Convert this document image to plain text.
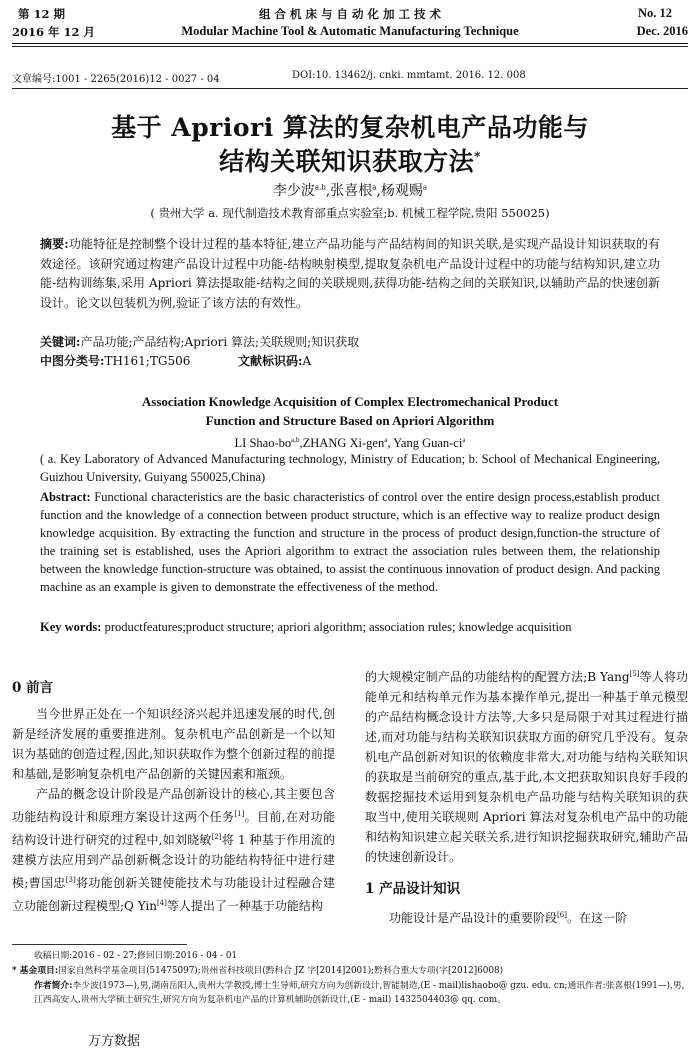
第 12 期
2016 年 12 月
组 合 机 床 与 自 动 化 加 工 技 术
Modular Machine Tool & Automatic Manufacturing Technique
No. 12
Dec. 2016
文章编号:1001 - 2265(2016)12 - 0027 - 04	DOI:10. 13462/j. cnki. mmtamt. 2016. 12. 008
基于 Apriori 算法的复杂机电产品功能与
结构关联知识获取方法*
李少波$^{a,b}$,张喜根$^a$,杨观赐$^a$
( 贵州大学 a. 现代制造技术教育部重点实验室;b. 机械工程学院,贵阳 550025)
摘要:功能特征是控制整个设计过程的基本特征,建立产品功能与产品结构间的知识关联,是实现产品设计知识获取的有效途径。该研究通过构建产品设计过程中功能-结构映射模型,提取复杂机电产品设计过程中的功能与结构知识,建立功能-结构训练集,采用 Apriori 算法提取能-结构之间的关联规则,获得功能-结构之间的关联知识,以辅助产品的快速创新设计。论文以包装机为例,验证了该方法的有效性。
关键词:产品功能;产品结构;Apriori 算法;关联规则;知识获取
中图分类号:TH161;TG506	文献标识码:A
Association Knowledge Acquisition of Complex Electromechanical Product
Function and Structure Based on Apriori Algorithm
LI Shao-bo$^{a,b}$,ZHANG Xi-gen$^a$, Yang Guan-$ci^a$
( a. Key Laboratory of Advanced Manufacturing technology, Ministry of Education; b. School of Mechanical Engineering, Guizhou University, Guiyang 550025,China)
Abstract: Functional characteristics are the basic characteristics of control over the entire design process,establish product function and the knowledge of a connection between product structure, which is an effective way to realize product design knowledge acquisition. By extracting the function and structure in the process of product design,function-the structure of the training set is established, uses the Apriori algorithm to extract the association rules between them, the relationship between the knowledge function-structure was obtained, to assist the continuous innovation of product design. And packing machine as an example is given to demonstrate the effectiveness of the method.
Key words: productfeatures;product structure; apriori algorithm; association rules; knowledge acquisition

0 前言

当今世界正处在一个知识经济兴起并迅速发展的时代,创新是经济发展的重要推进剂。复杂机电产品创新是一个以知识为基础的创造过程,因此,知识获取作为整个创新过程的前提和基础,是影响复杂机电产品创新的关键因素和瓶颈。

产品的概念设计阶段是产品创新设计的核心,其主要包含功能结构设计和原理方案设计这两个任务[1]。目前,在对功能结构设计进行研究的过程中,如刘晓敏[2]将 1 种基于作用流的建模方法应用到产品创新概念设计的功能结构特征中进行建模;曹国忠[3]将功能创新关键使能技术与功能设计过程融合建立功能创新过程模型;Q Yin[4]等人提出了一种基于功能结构

的大规模定制产品的功能结构的配置方法;B Yang[5]等人将功能单元和结构单元作为基本操作单元,提出一种基于单元模型的产品结构概念设计方法等,大多只是局限于对其过程进行描述,而对功能与结构关联知识获取方面的研究几乎没有。复杂机电产品创新对知识的依赖度非常大,对功能与结构关联知识的获取是当前研究的重点,基于此,本文把获取知识良好手段的数据挖掘技术运用到复杂机电产品功能与结构关联知识的获取当中,使用关联规则 Apriori 算法对复杂机电产品中的功能和结构知识建立起关联关系,进行知识挖掘获取研究,辅助产品的快速创新设计。

1 产品设计知识

功能设计是产品设计的重要阶段[6]。在这一阶

收稿日期:2016 - 02 - 27;修回日期:2016 - 04 - 01
* 基金项目:国家自然科学基金项目(51475097);贵州省科技项目(黔科合 JZ 字[2014]2001);黔科合重大专项(字[2012]6008)
作者简介:李少波(1973—),男,湖南岳阳人,贵州大学教授,博士生导师,研究方向为创新设计,智能制造,(E - mail)lishaobo@ gzu. edu. cn;通讯作者:张喜根(1991—),男,江西高安人,贵州大学硕士研究生,研究方向为复杂机电产品的计算机辅助创新设计,(E - mail) 1432504403@ qq. com。
万方数据
